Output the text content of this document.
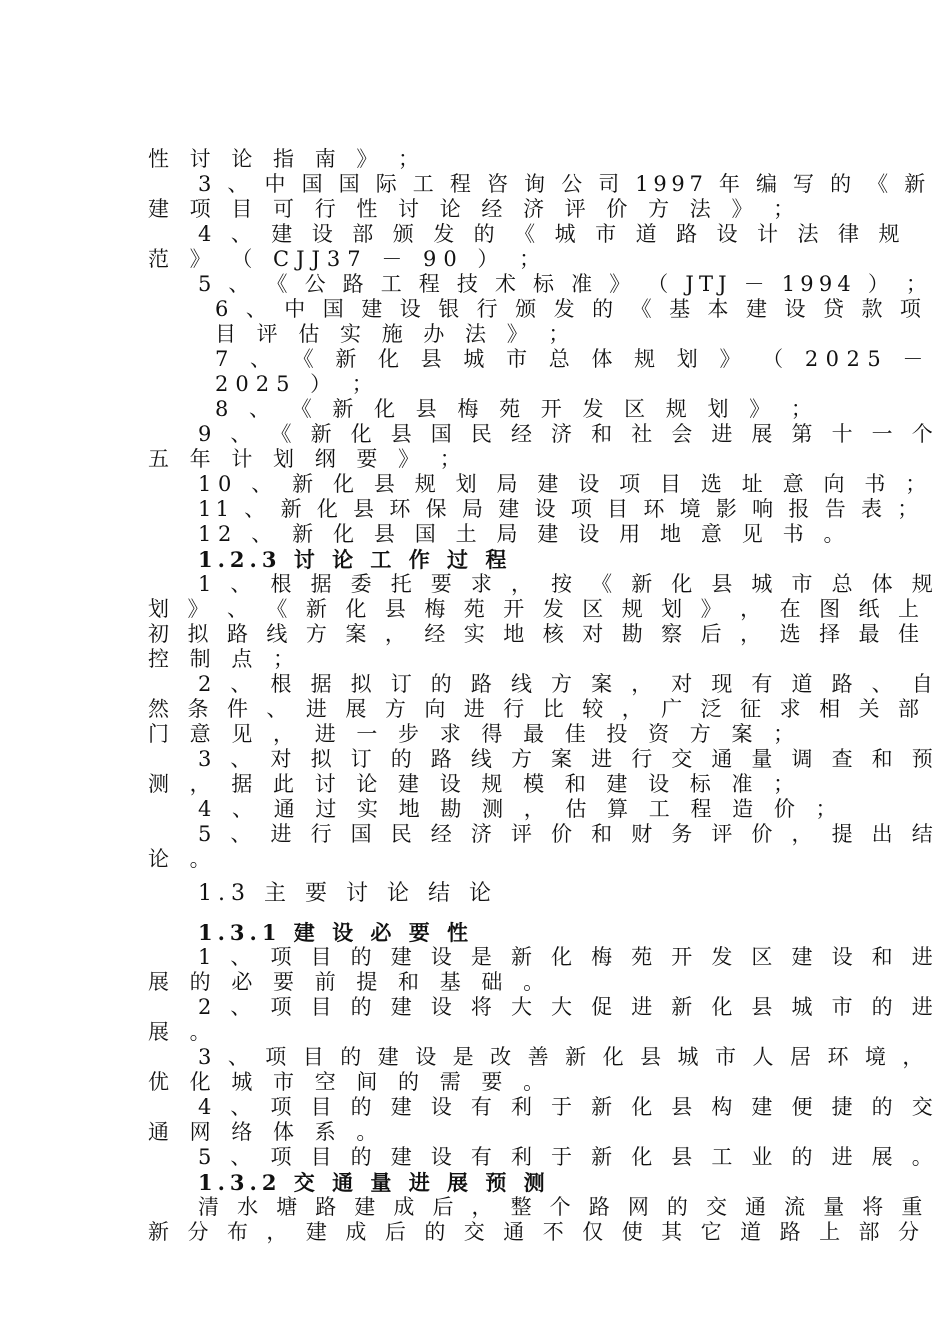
性 讨 论 指 南 》 ；
3 、 中 国 国 际 工 程 咨 询 公 司 1997 年 编 写 的 《 新
建 项 目 可 行 性 讨 论 经 济 评 价 方 法 》 ；
4 、 建 设 部 颁 发 的 《 城 市 道 路 设 计 法 律 规
范 》 （ CJJ37 － 90 ） ；
5 、 《 公 路 工 程 技 术 标 准 》 （ JTJ － 1994 ） ；
6 、 中 国 建 设 银 行 颁 发 的 《 基 本 建 设 贷 款 项
目 评 估 实 施 办 法 》 ；
7 、 《 新 化 县 城 市 总 体 规 划 》 （ 2025 －
2025 ） ；
8 、 《 新 化 县 梅 苑 开 发 区 规 划 》 ；
9 、 《 新 化 县 国 民 经 济 和 社 会 进 展 第 十 一 个
五 年 计 划 纲 要 》 ；
10 、 新 化 县 规 划 局 建 设 项 目 选 址 意 向 书 ；
11 、 新 化 县 环 保 局 建 设 项 目 环 境 影 响 报 告 表 ；
12 、 新 化 县 国 土 局 建 设 用 地 意 见 书 。
1.2.3 讨 论 工 作 过 程
1 、 根 据 委 托 要 求 ， 按 《 新 化 县 城 市 总 体 规
划 》 、 《 新 化 县 梅 苑 开 发 区 规 划 》 ， 在 图 纸 上
初 拟 路 线 方 案 ， 经 实 地 核 对 勘 察 后 ， 选 择 最 佳
控 制 点 ；
2 、 根 据 拟 订 的 路 线 方 案 ， 对 现 有 道 路 、 自
然 条 件 、 进 展 方 向 进 行 比 较 ， 广 泛 征 求 相 关 部
门 意 见 ， 进 一 步 求 得 最 佳 投 资 方 案 ；
3 、 对 拟 订 的 路 线 方 案 进 行 交 通 量 调 查 和 预
测 ， 据 此 讨 论 建 设 规 模 和 建 设 标 准 ；
4 、 通 过 实 地 勘 测 ， 估 算 工 程 造 价 ；
5 、 进 行 国 民 经 济 评 价 和 财 务 评 价 ， 提 出 结
论 。
1.3 主 要 讨 论 结 论
1.3.1 建 设 必 要 性
1 、 项 目 的 建 设 是 新 化 梅 苑 开 发 区 建 设 和 进
展 的 必 要 前 提 和 基 础 。
2 、 项 目 的 建 设 将 大 大 促 进 新 化 县 城 市 的 进
展 。
3 、 项 目 的 建 设 是 改 善 新 化 县 城 市 人 居 环 境 ，
优 化 城 市 空 间 的 需 要 。
4 、 项 目 的 建 设 有 利 于 新 化 县 构 建 便 捷 的 交
通 网 络 体 系 。
5 、 项 目 的 建 设 有 利 于 新 化 县 工 业 的 进 展 。
1.3.2 交 通 量 进 展 预 测
清 水 塘 路 建 成 后 ， 整 个 路 网 的 交 通 流 量 将 重
新 分 布 ， 建 成 后 的 交 通 不 仅 使 其 它 道 路 上 部 分
